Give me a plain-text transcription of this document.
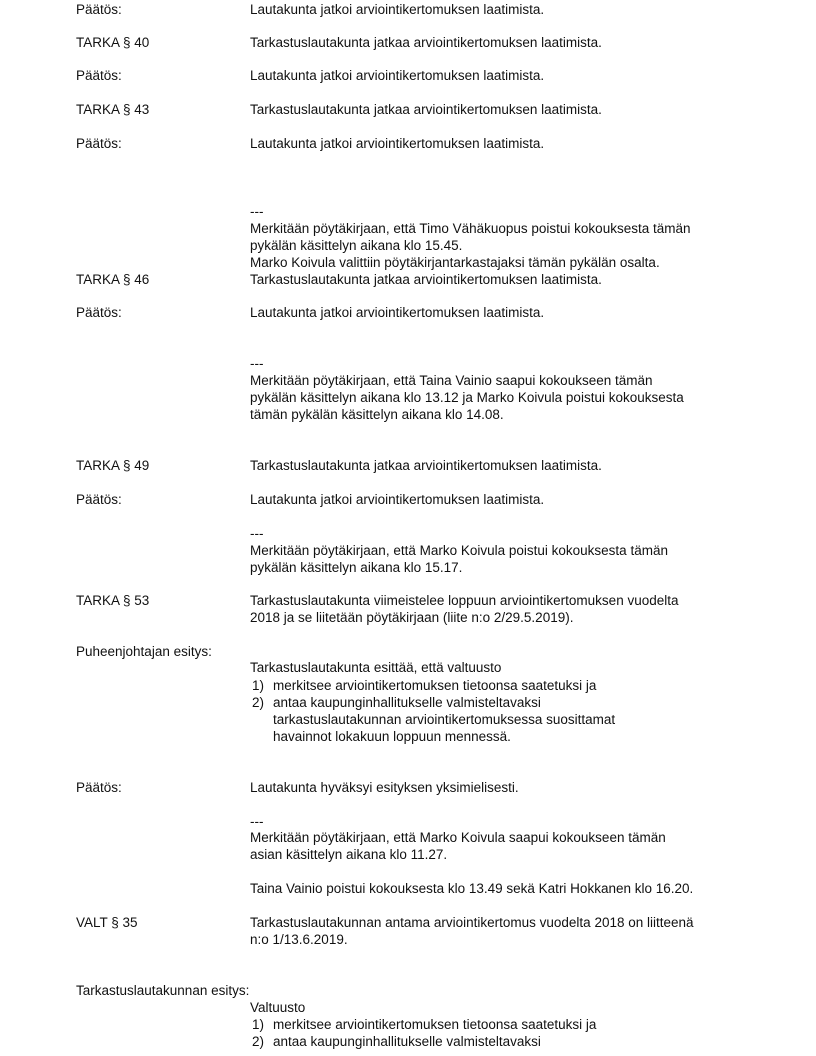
Päätös:	Lautakunta jatkoi arviointikertomuksen laatimista.
TARKA § 40	Tarkastuslautakunta jatkaa arviointikertomuksen laatimista.
Päätös:	Lautakunta jatkoi arviointikertomuksen laatimista.
TARKA § 43	Tarkastuslautakunta jatkaa arviointikertomuksen laatimista.
Päätös:	Lautakunta jatkoi arviointikertomuksen laatimista.
---
Merkitään pöytäkirjaan, että Timo Vähäkuopus poistui kokouksesta tämän
pykälän käsittelyn aikana klo 15.45.
Marko Koivula valittiin pöytäkirjantarkastajaksi tämän pykälän osalta.
TARKA § 46	Tarkastuslautakunta jatkaa arviointikertomuksen laatimista.
Päätös:	Lautakunta jatkoi arviointikertomuksen laatimista.
---
Merkitään pöytäkirjaan, että Taina Vainio saapui kokoukseen tämän
pykälän käsittelyn aikana klo 13.12 ja Marko Koivula poistui kokouksesta
tämän pykälän käsittelyn aikana klo 14.08.
TARKA § 49	Tarkastuslautakunta jatkaa arviointikertomuksen laatimista.
Päätös:	Lautakunta jatkoi arviointikertomuksen laatimista.
---
Merkitään pöytäkirjaan, että Marko Koivula poistui kokouksesta tämän
pykälän käsittelyn aikana klo 15.17.
TARKA § 53	Tarkastuslautakunta viimeistelee loppuun arviointikertomuksen vuodelta
2018 ja se liitetään pöytäkirjaan (liite n:o 2/29.5.2019).
Puheenjohtajan esitys:
Tarkastuslautakunta esittää, että valtuusto
1) merkitsee arviointikertomuksen tietoonsa saatetuksi ja
2) antaa kaupunginhallitukselle valmisteltavaksi
tarkastuslautakunnan arviointikertomuksessa suosittamat
havainnot lokakuun loppuun mennessä.
Päätös:	Lautakunta hyväksyi esityksen yksimielisesti.
---
Merkitään pöytäkirjaan, että Marko Koivula saapui kokoukseen tämän
asian käsittelyn aikana klo 11.27.
Taina Vainio poistui kokouksesta klo 13.49 sekä Katri Hokkanen klo 16.20.
VALT § 35	Tarkastuslautakunnan antama arviointikertomus vuodelta 2018 on liitteenä
n:o 1/13.6.2019.
Tarkastuslautakunnan esitys:
Valtuusto
1) merkitsee arviointikertomuksen tietoonsa saatetuksi ja
2) antaa kaupunginhallitukselle valmisteltavaksi
